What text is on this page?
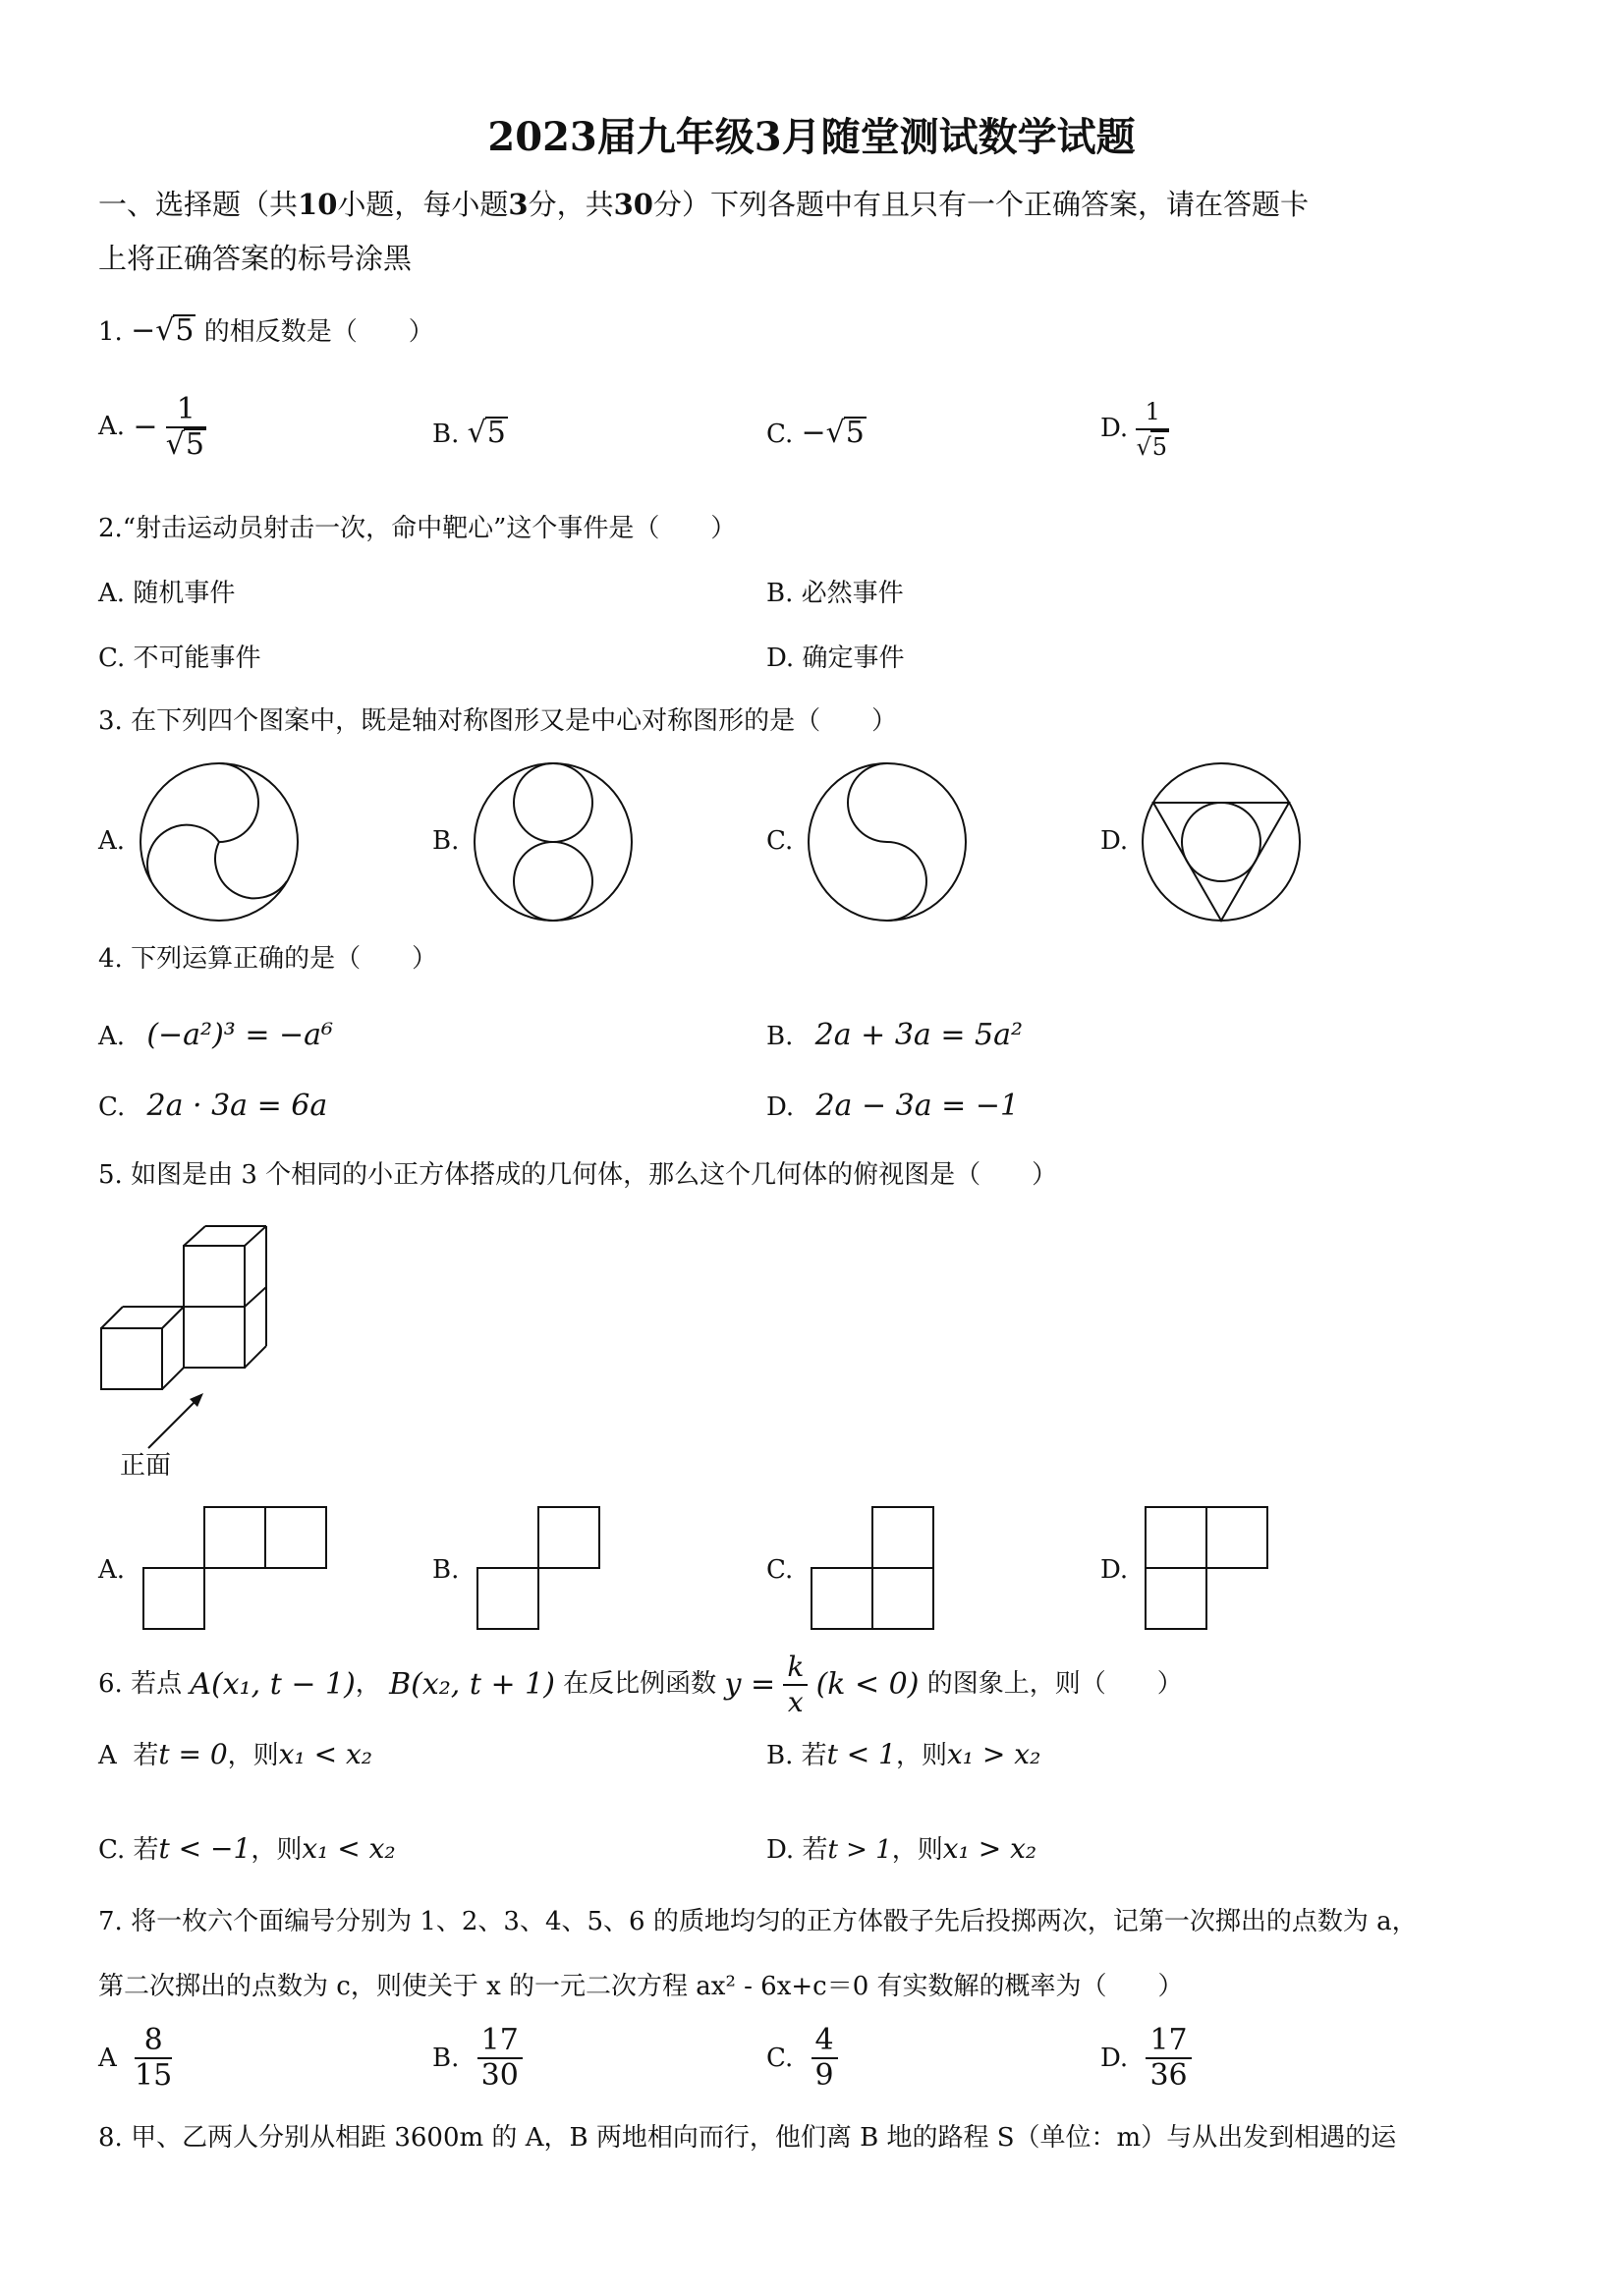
2023届九年级3月随堂测试数学试题
一、选择题（共10小题，每小题3分，共30分）下列各题中有且只有一个正确答案，请在答题卡
上将正确答案的标号涂黑
1. −√5 的相反数是（　　）
A. − $\frac{1}{√5}$	B. √5	C. −√5	D. $\frac{1}{√5}$
2.“射击运动员射击一次，命中靶心”这个事件是（　　）
A. 随机事件	B. 必然事件
C. 不可能事件	D. 确定事件
3. 在下列四个图案中，既是轴对称图形又是中心对称图形的是（　　）
A.	B.	C.	D.
4. 下列运算正确的是（　　）
A. (−a²)³ = −a⁶	B. 2a + 3a = 5a²
C. 2a · 3a = 6a	D. 2a − 3a = −1
5. 如图是由 3 个相同的小正方体搭成的几何体，那么这个几何体的俯视图是（　　）
正面
A.	B.	C.	D.
6. 若点 A(x₁, t − 1)， B(x₂, t + 1) 在反比例函数 $y = \frac{k}{x} (k < 0)$ 的图象上，则（　　）
A 若t = 0，则x₁ < x₂	B. 若t < 1，则x₁ > x₂
C. 若t < −1，则x₁ < x₂	D. 若t > 1，则x₁ > x₂
7. 将一枚六个面编号分别为 1、2、3、4、5、6 的质地均匀的正方体骰子先后投掷两次，记第一次掷出的点数为 a，
第二次掷出的点数为 c，则使关于 x 的一元二次方程 ax² - 6x+c＝0 有实数解的概率为（　　）
A $\frac{8}{15}$	B. $\frac{17}{30}$	C. $\frac{4}{9}$	D. $\frac{17}{36}$
8. 甲、乙两人分别从相距 3600m 的 A，B 两地相向而行，他们离 B 地的路程 S（单位：m）与从出发到相遇的运
